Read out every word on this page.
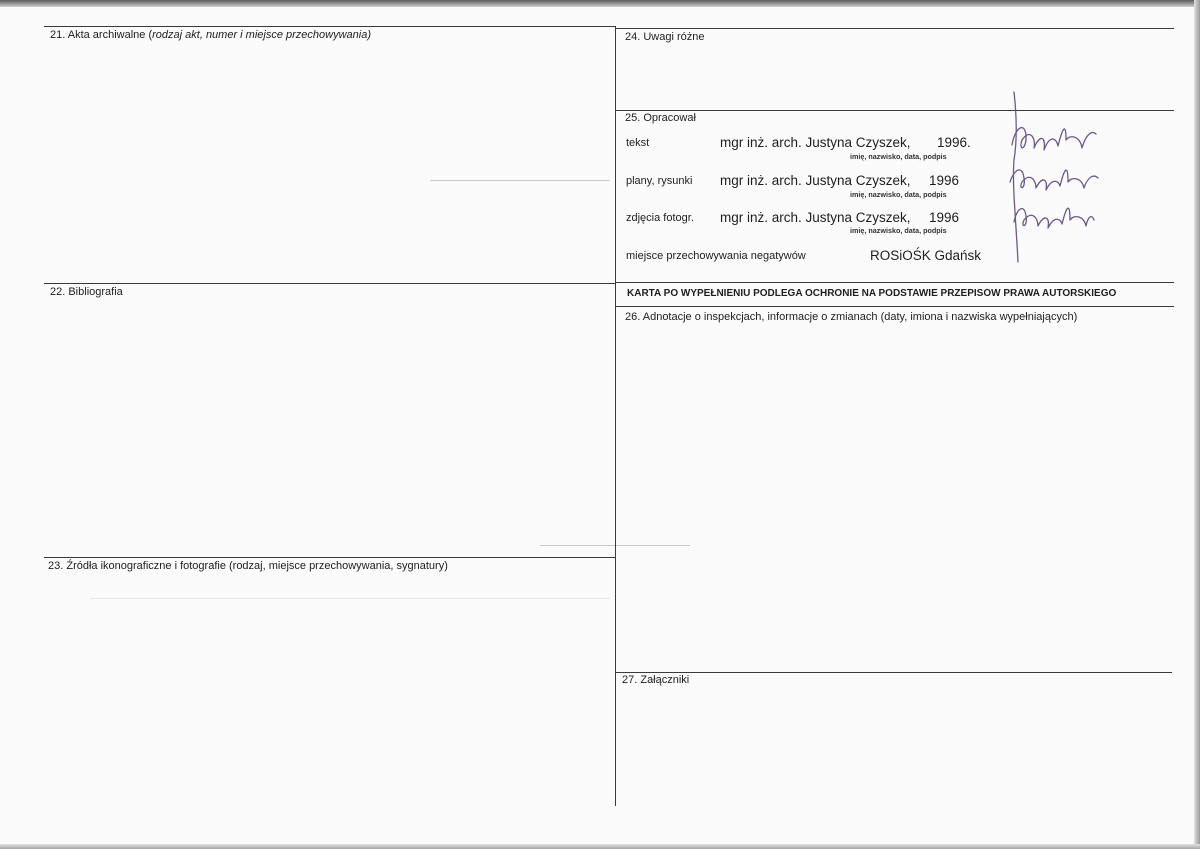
21. Akta archiwalne (rodzaj akt, numer i miejsce przechowywania)
22. Bibliografia
23. Źródła ikonograficzne i fotografie (rodzaj, miejsce przechowywania, sygnatury)
24. Uwagi różne
25. Opracował
tekst	mgr inż. arch. Justyna Czyszek, 1996.
imię, nazwisko, data, podpis
plany, rysunki mgr inż. arch. Justyna Czyszek, 1996
imię, nazwisko, data, podpis
zdjęcia fotogr. mgr inż. arch. Justyna Czyszek, 1996
imię, nazwisko, data, podpis
miejsce przechowywania negatywów	ROSiOŚK Gdańsk
KARTA PO WYPEŁNIENIU PODLEGA OCHRONIE NA PODSTAWIE PRZEPISÓW PRAWA AUTORSKIEGO
26. Adnotacje o inspekcjach, informacje o zmianach (daty, imiona i nazwiska wypełniających)
27. Załączniki
